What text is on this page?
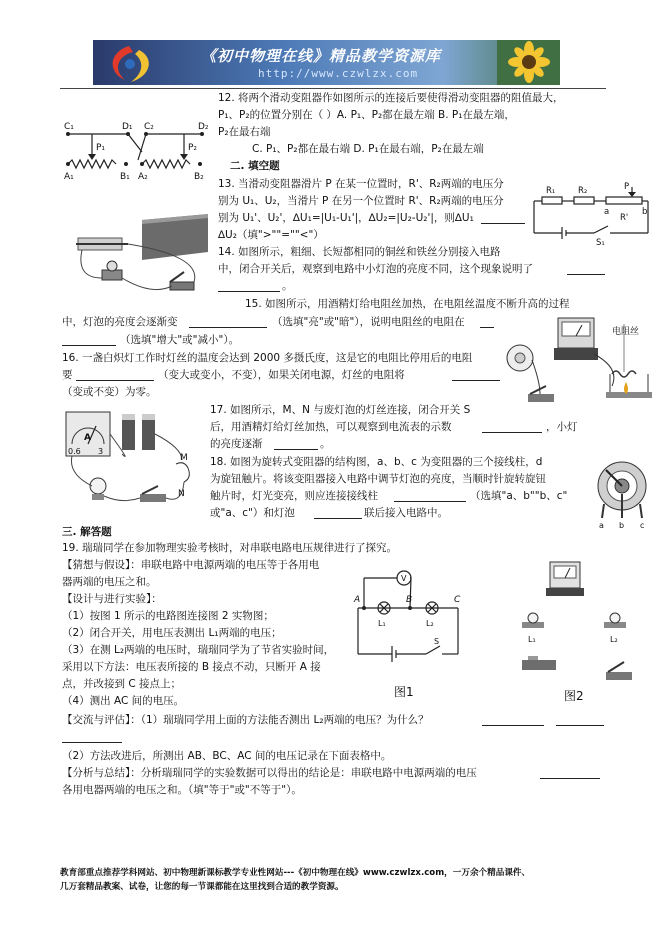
《初中物理在线》精品教学资源库
http://www.czwlzx.com
12. 将两个滑动变阻器作如图所示的连接后要使得滑动变阻器的阻值最大，
P₁、P₂的位置分别在（ ）A. P₁、P₂都在最左端 B. P₁在最左端，
P₂在最右端
C. P₁、P₂都在最右端 D. P₁在最右端，P₂在最左端
C₁	D₁ C₂	D₂
P₁	P₂
A₁	B₁ A₂	B₂
二. 填空题
13. 当滑动变阻器滑片 P 在某一位置时，R'、R₂两端的电压分
别为 U₁、U₂，当滑片 P 在另一个位置时 R'、R₂两端的电压分
别为 U₁'、U₂'，∆U₁=|U₁-U₁'|，∆U₂=|U₂-U₂'|，则∆U₁
∆U₂（填">""=""<"）
R₁	R₂	P
a	b
R'
S₁
14. 如图所示，粗细、长短都相同的铜丝和铁丝分别接入电路
中，闭合开关后，观察到电路中小灯泡的亮度不同，这个现象说明了
。
15. 如图所示，用酒精灯给电阻丝加热，在电阻丝温度不断升高的过程
中，灯泡的亮度会逐渐变	（选填"亮"或"暗"），说明电阻丝的电阻在
（选填"增大"或"减小"）。
电阻丝
16. 一盏白炽灯工作时灯丝的温度会达到 2000 多摄氏度，这是它的电阻比停用后的电阻
要	（变大或变小，不变），如果关闭电源，灯丝的电阻将
（变或不变）为零。
A
M
N
0.6 3
17. 如图所示，M、N 与废灯泡的灯丝连接，闭合开关 S
后，用酒精灯给灯丝加热，可以观察到电流表的示数	，小灯
的亮度逐渐	。
18. 如图为旋转式变阻器的结构图，a、b、c 为变阻器的三个接线柱，d
为旋钮触片。将该变阻器接入电路中调节灯泡的亮度，当顺时针旋转旋钮
触片时，灯光变亮，则应连接接线柱	（选填"a、b""b、c"
或"a、c"）和灯泡	联后接入电路中。
a b c
三. 解答题
19. 瑞瑞同学在参加物理实验考核时，对串联电路电压规律进行了探究。
【猜想与假设】：串联电路中电源两端的电压等于各用电
器两端的电压之和。
【设计与进行实验】：
（1）按图 1 所示的电路图连接图 2 实物图；
（2）闭合开关，用电压表测出 L₁两端的电压；
（3）在测 L₂两端的电压时，瑞瑞同学为了节省实验时间，
采用以下方法：电压表所接的 B 接点不动，只断开 A 接
点，并改接到 C 接点上；
（4）测出 AC 间的电压。
V
A	B	C
L₁	L₂
S
图1
L₁	L₂
图2
【交流与评估】：（1）瑞瑞同学用上面的方法能否测出 L₂两端的电压？为什么？
（2）方法改进后，所测出 AB、BC、AC 间的电压记录在下面表格中。
【分析与总结】：分析瑞瑞同学的实验数据可以得出的结论是：串联电路中电源两端的电压
各用电器两端的电压之和。（填"等于"或"不等于"）。
教育部重点推荐学科网站、初中物理新课标教学专业性网站---《初中物理在线》www.czwlzx.com，一万余个精品课件、
几万套精品教案、试卷，让您的每一节课都能在这里找到合适的教学资源。
